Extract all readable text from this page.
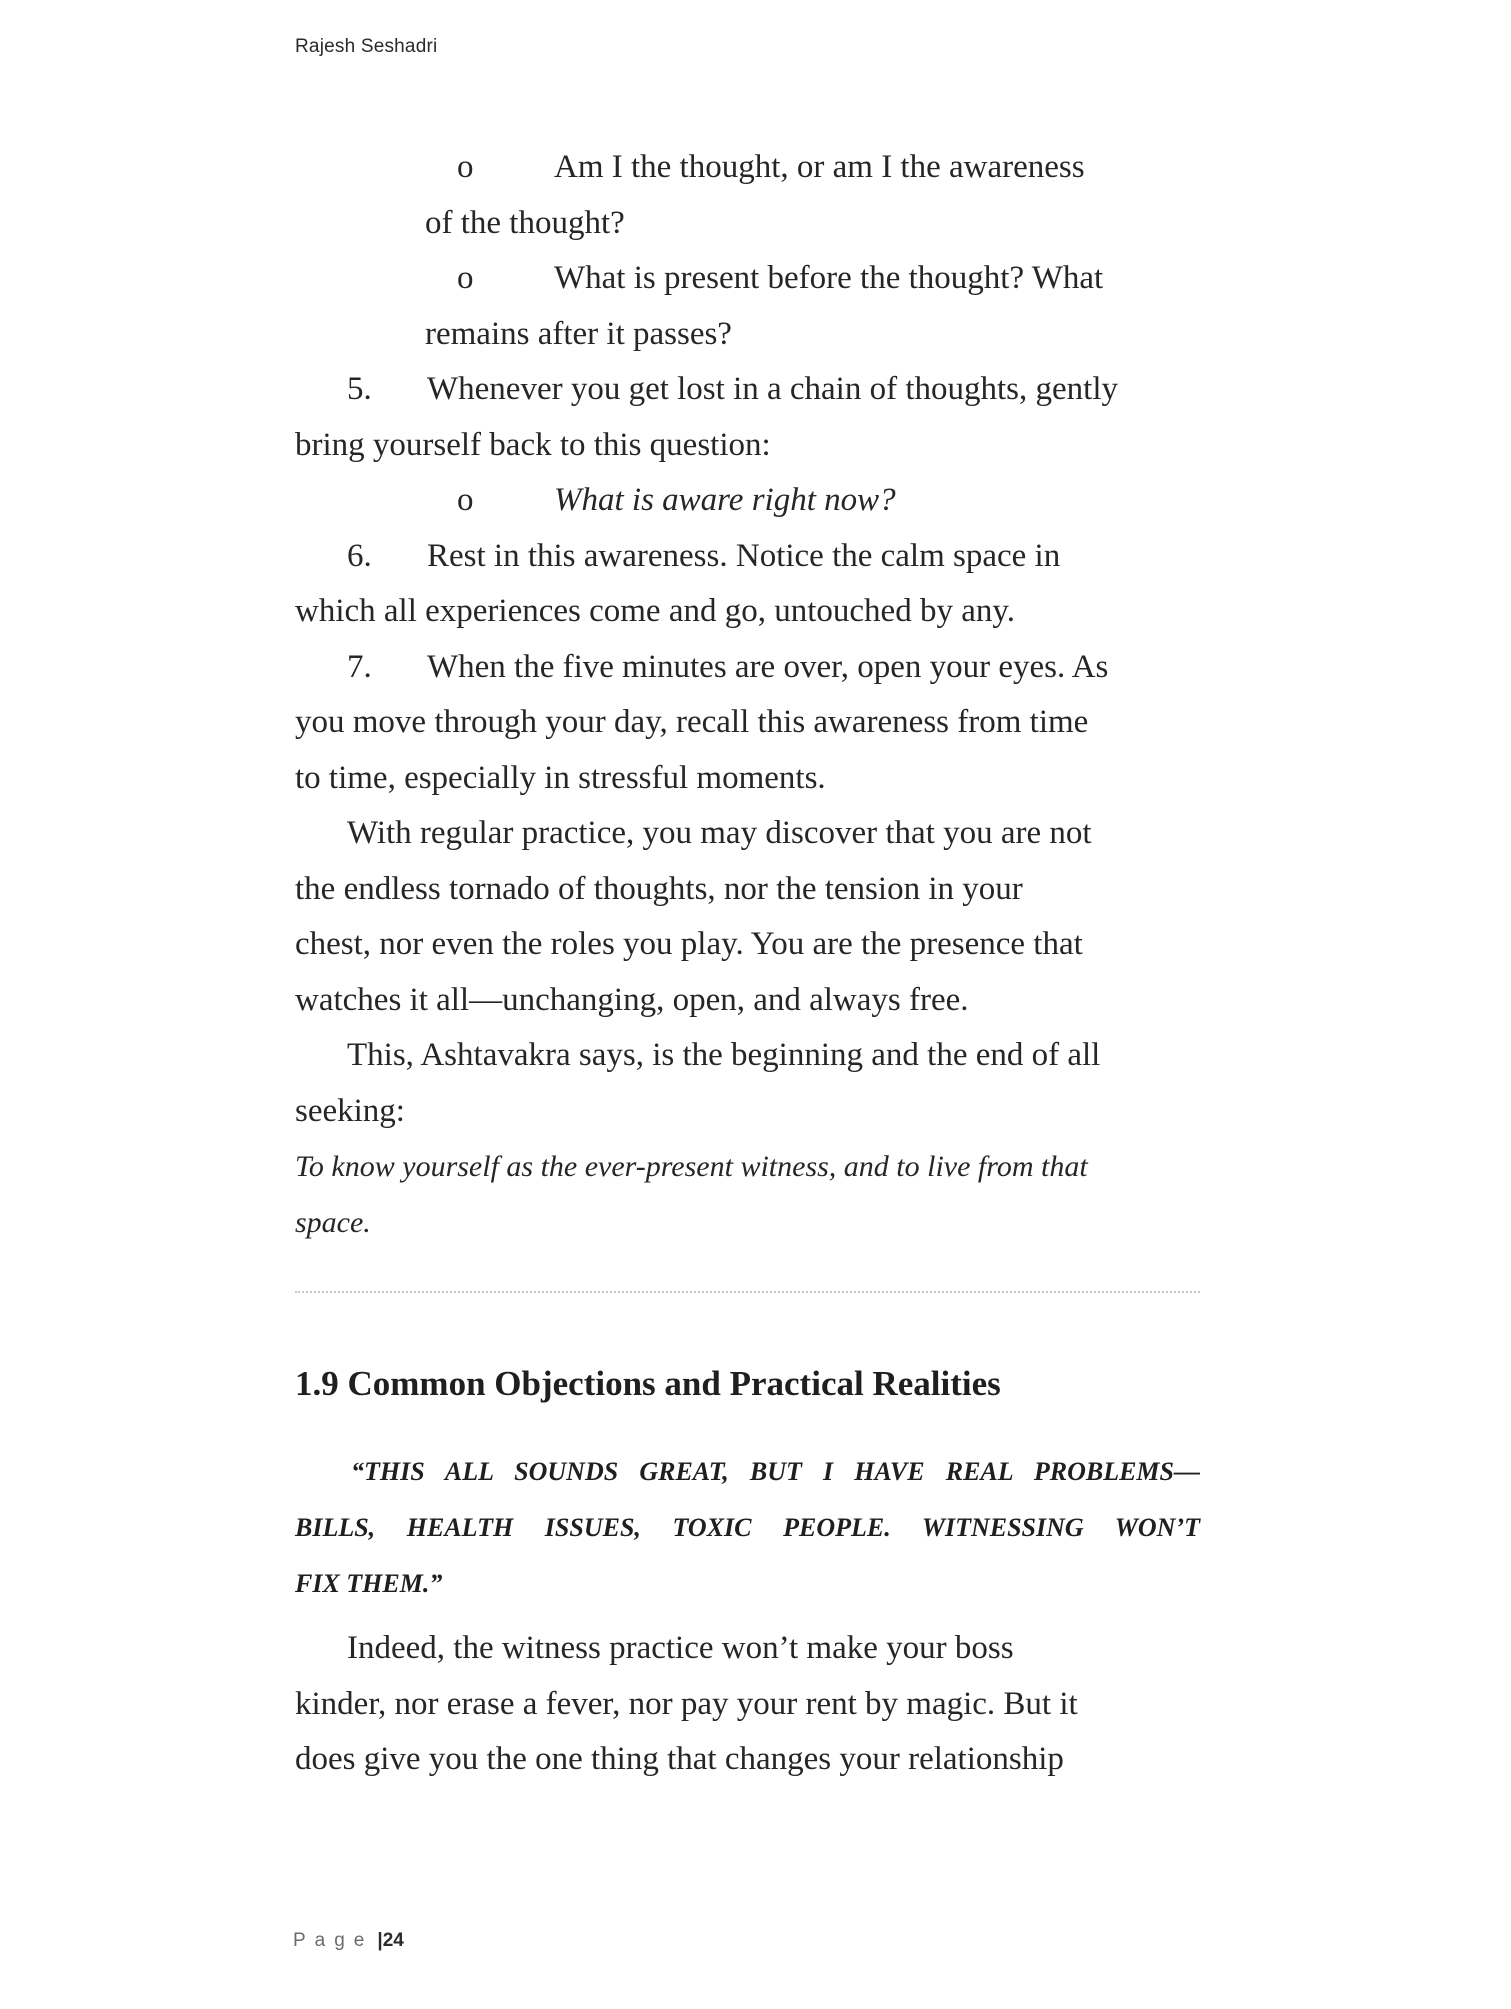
Rajesh Seshadri
o Am I the thought, or am I the awareness
of the thought?
o What is present before the thought? What
remains after it passes?
5. Whenever you get lost in a chain of thoughts, gently
bring yourself back to this question:
o What is aware right now?
6. Rest in this awareness. Notice the calm space in
which all experiences come and go, untouched by any.
7. When the five minutes are over, open your eyes. As
you move through your day, recall this awareness from time
to time, especially in stressful moments.
With regular practice, you may discover that you are not
the endless tornado of thoughts, nor the tension in your
chest, nor even the roles you play. You are the presence that
watches it all—unchanging, open, and always free.
This, Ashtavakra says, is the beginning and the end of all
seeking:
To know yourself as the ever-present witness, and to live from that
space.
1.9 Common Objections and Practical Realities
“THIS ALL SOUNDS GREAT, BUT I HAVE REAL PROBLEMS—
BILLS, HEALTH ISSUES, TOXIC PEOPLE. WITNESSING WON’T
FIX THEM.”
Indeed, the witness practice won’t make your boss
kinder, nor erase a fever, nor pay your rent by magic. But it
does give you the one thing that changes your relationship
Page |24
